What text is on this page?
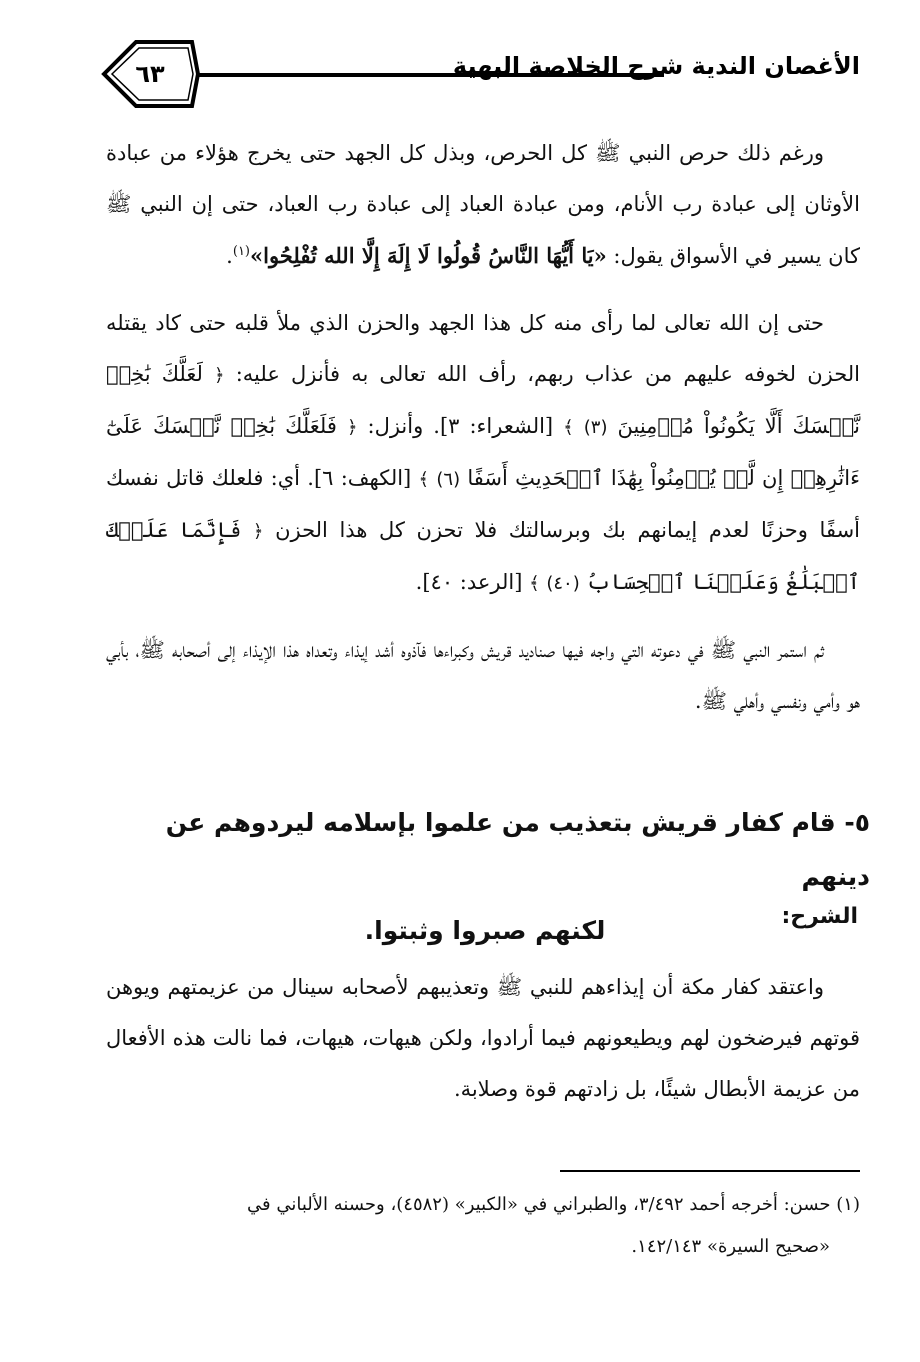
٦٣	الأغصان الندية شرح الخلاصة البهية

ورغم ذلك حرص النبي ﷺ كل الحرص، وبذل كل الجهد حتى يخرج هؤلاء من عبادة الأوثان إلى عبادة رب الأنام، ومن عبادة العباد إلى عبادة رب العباد، حتى إن النبي ﷺ كان يسير في الأسواق يقول: «يَا أَيُّهَا النَّاسُ قُولُوا لَا إِلَهَ إِلَّا الله تُفْلِحُوا»$^{(١)}$.

حتى إن الله تعالى لما رأى منه كل هذا الجهد والحزن الذي ملأ قلبه حتى كاد يقتله الحزن لخوفه عليهم من عذاب ربهم، رأف الله تعالى به فأنزل عليه: ﴿ لَعَلَّكَ بَٰخِعٞ نَّفۡسَكَ أَلَّا يَكُونُواْ مُؤۡمِنِينَ (٣) ﴾ [الشعراء: ٣]. وأنزل: ﴿ فَلَعَلَّكَ بَٰخِعٞ نَّفۡسَكَ عَلَىٰٓ ءَاثَٰرِهِمۡ إِن لَّمۡ يُؤۡمِنُواْ بِهَٰذَا ٱلۡحَدِيثِ أَسَفًا (٦) ﴾ [الكهف: ٦]. أي: فلعلك قاتل نفسك أسفًا وحزنًا لعدم إيمانهم بك وبرسالتك فلا تحزن كل هذا الحزن ﴿ فَإِنَّمَا عَلَيۡكَ ٱلۡبَلَٰغُ وَعَلَيۡنَا ٱلۡحِسَابُ (٤٠) ﴾ [الرعد: ٤٠].

ثم استمر النبي ﷺ في دعوته التي واجه فيها صناديد قريش وكبراءها فآذوه أشد إيذاء وتعداه هذا الإيذاء إلى أصحابه ﷺ، بأبي هو وأمي ونفسي وأهلي ﷺ.

٥- قام كفار قريش بتعذيب من علموا بإسلامه ليردوهم عن دينهم
لكنهم صبروا وثبتوا.	الشرح:

واعتقد كفار مكة أن إيذاءهم للنبي ﷺ وتعذيبهم لأصحابه سينال من عزيمتهم ويوهن قوتهم فيرضخون لهم ويطيعونهم فيما أرادوا، ولكن هيهات، هيهات، فما نالت هذه الأفعال من عزيمة الأبطال شيئًا، بل زادتهم قوة وصلابة.

(١) حسن: أخرجه أحمد ٣/٤٩٢، والطبراني في «الكبير» (٤٥٨٢)، وحسنه الألباني في

«صحيح السيرة» ١٤٢/١٤٣.
